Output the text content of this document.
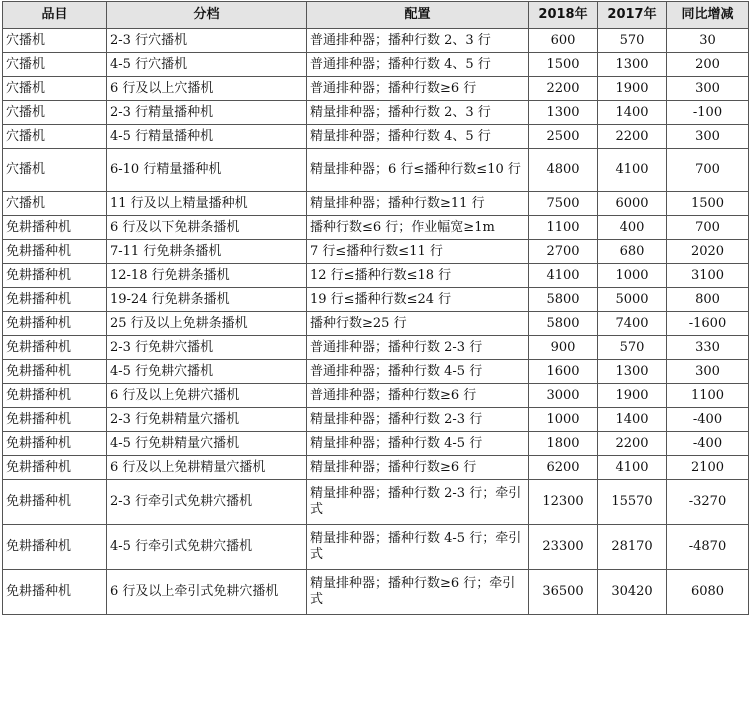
品目	分档	配置	2018年	2017年	同比增减
穴播机	2-3 行穴播机	普通排种器；播种行数 2、3 行	600	570	30
穴播机	4-5 行穴播机	普通排种器；播种行数 4、5 行	1500	1300	200
穴播机	6 行及以上穴播机	普通排种器；播种行数≥6 行	2200	1900	300
穴播机	2-3 行精量播种机	精量排种器；播种行数 2、3 行	1300	1400	-100
穴播机	4-5 行精量播种机	精量排种器；播种行数 4、5 行	2500	2200	300
穴播机	6-10 行精量播种机	精量排种器；6 行≤播种行数≤10 行	4800	4100	700
穴播机	11 行及以上精量播种机	精量排种器；播种行数≥11 行	7500	6000	1500
免耕播种机	6 行及以下免耕条播机	播种行数≤6 行；作业幅宽≥1m	1100	400	700
免耕播种机	7-11 行免耕条播机	7 行≤播种行数≤11 行	2700	680	2020
免耕播种机	12-18 行免耕条播机	12 行≤播种行数≤18 行	4100	1000	3100
免耕播种机	19-24 行免耕条播机	19 行≤播种行数≤24 行	5800	5000	800
免耕播种机	25 行及以上免耕条播机	播种行数≥25 行	5800	7400	-1600
免耕播种机	2-3 行免耕穴播机	普通排种器；播种行数 2-3 行	900	570	330
免耕播种机	4-5 行免耕穴播机	普通排种器；播种行数 4-5 行	1600	1300	300
免耕播种机	6 行及以上免耕穴播机	普通排种器；播种行数≥6 行	3000	1900	1100
免耕播种机	2-3 行免耕精量穴播机	精量排种器；播种行数 2-3 行	1000	1400	-400
免耕播种机	4-5 行免耕精量穴播机	精量排种器；播种行数 4-5 行	1800	2200	-400
免耕播种机	6 行及以上免耕精量穴播机	精量排种器；播种行数≥6 行	6200	4100	2100
免耕播种机	2-3 行牵引式免耕穴播机	精量排种器；播种行数 2-3 行；牵引式	12300	15570	-3270
免耕播种机	4-5 行牵引式免耕穴播机	精量排种器；播种行数 4-5 行；牵引式	23300	28170	-4870
免耕播种机	6 行及以上牵引式免耕穴播机	精量排种器；播种行数≥6 行；牵引式	36500	30420	6080
